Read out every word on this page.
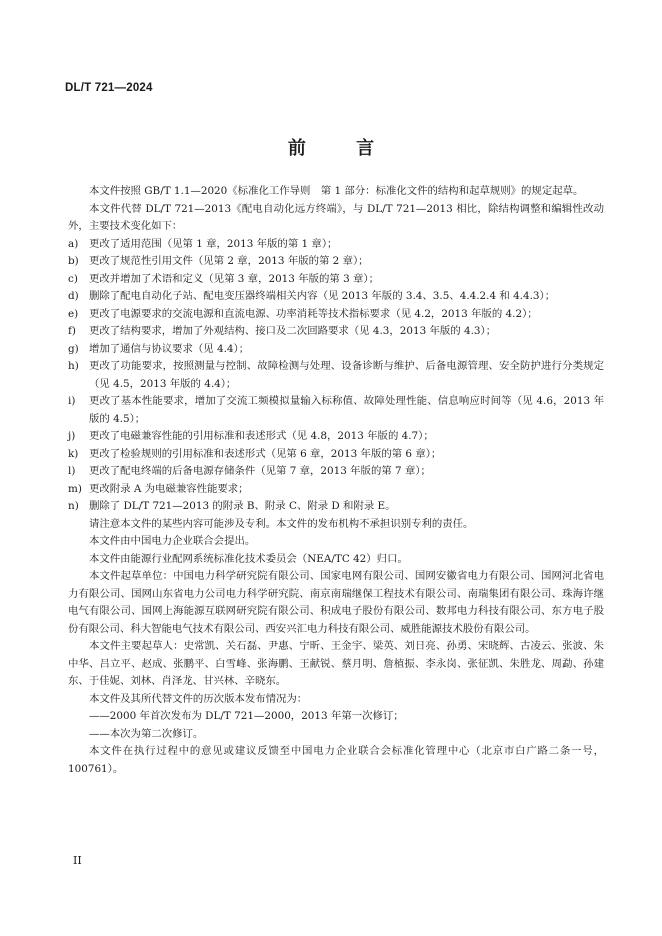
DL/T 721—2024
前 言

本文件按照 GB/T 1.1—2020《标准化工作导则　第 1 部分：标准化文件的结构和起草规则》的规定起草。

本文件代替 DL/T 721—2013《配电自动化远方终端》，与 DL/T 721—2013 相比，除结构调整和编辑性改动外，主要技术变化如下：

a)	更改了适用范围（见第 1 章，2013 年版的第 1 章）；
b) 更改了规范性引用文件（见第 2 章，2013 年版的第 2 章）；
c)	更改并增加了术语和定义（见第 3 章，2013 年版的第 3 章）；
d) 删除了配电自动化子站、配电变压器终端相关内容（见 2013 年版的 3.4、3.5、4.4.2.4 和 4.4.3）；
e)	更改了电源要求的交流电源和直流电源、功率消耗等技术指标要求（见 4.2，2013 年版的 4.2）；
f)	更改了结构要求，增加了外观结构、接口及二次回路要求（见 4.3，2013 年版的 4.3）；
g) 增加了通信与协议要求（见 4.4）；
h) 更改了功能要求，按照测量与控制、故障检测与处理、设备诊断与维护、后备电源管理、安全防护进行分类规定（见 4.5，2013 年版的 4.4）；
i)	更改了基本性能要求，增加了交流工频模拟量输入标称值、故障处理性能、信息响应时间等（见 4.6，2013 年版的 4.5）；
j)	更改了电磁兼容性能的引用标准和表述形式（见 4.8，2013 年版的 4.7）；
k)	更改了检验规则的引用标准和表述形式（见第 6 章，2013 年版的第 6 章）；
l)	更改了配电终端的后备电源存储条件（见第 7 章，2013 年版的第 7 章）；
m) 更改附录 A 为电磁兼容性能要求；
n) 删除了 DL/T 721—2013 的附录 B、附录 C、附录 D 和附录 E。

请注意本文件的某些内容可能涉及专利。本文件的发布机构不承担识别专利的责任。

本文件由中国电力企业联合会提出。

本文件由能源行业配网系统标准化技术委员会（NEA/TC 42）归口。

本文件起草单位：中国电力科学研究院有限公司、国家电网有限公司、国网安徽省电力有限公司、国网河北省电力有限公司、国网山东省电力公司电力科学研究院、南京南瑞继保工程技术有限公司、南瑞集团有限公司、珠海许继电气有限公司、国网上海能源互联网研究院有限公司、积成电子股份有限公司、数邦电力科技有限公司、东方电子股份有限公司、科大智能电气技术有限公司、西安兴汇电力科技有限公司、威胜能源技术股份有限公司。

本文件主要起草人：史常凯、关石磊、尹惠、宁昕、王金宇、梁英、刘日亮、孙勇、宋晓辉、古凌云、张波、朱中华、吕立平、赵成、张鹏平、白雪峰、张海鹏、王献锐、蔡月明、詹植振、李永岗、张征凯、朱胜龙、周勐、孙建东、于佳妮、刘林、肖泽龙、甘兴林、辛晓东。

本文件及其所代替文件的历次版本发布情况为：

——2000 年首次发布为 DL/T 721—2000，2013 年第一次修订；

——本次为第二次修订。

本文件在执行过程中的意见或建议反馈至中国电力企业联合会标准化管理中心（北京市白广路二条一号，100761）。

II
